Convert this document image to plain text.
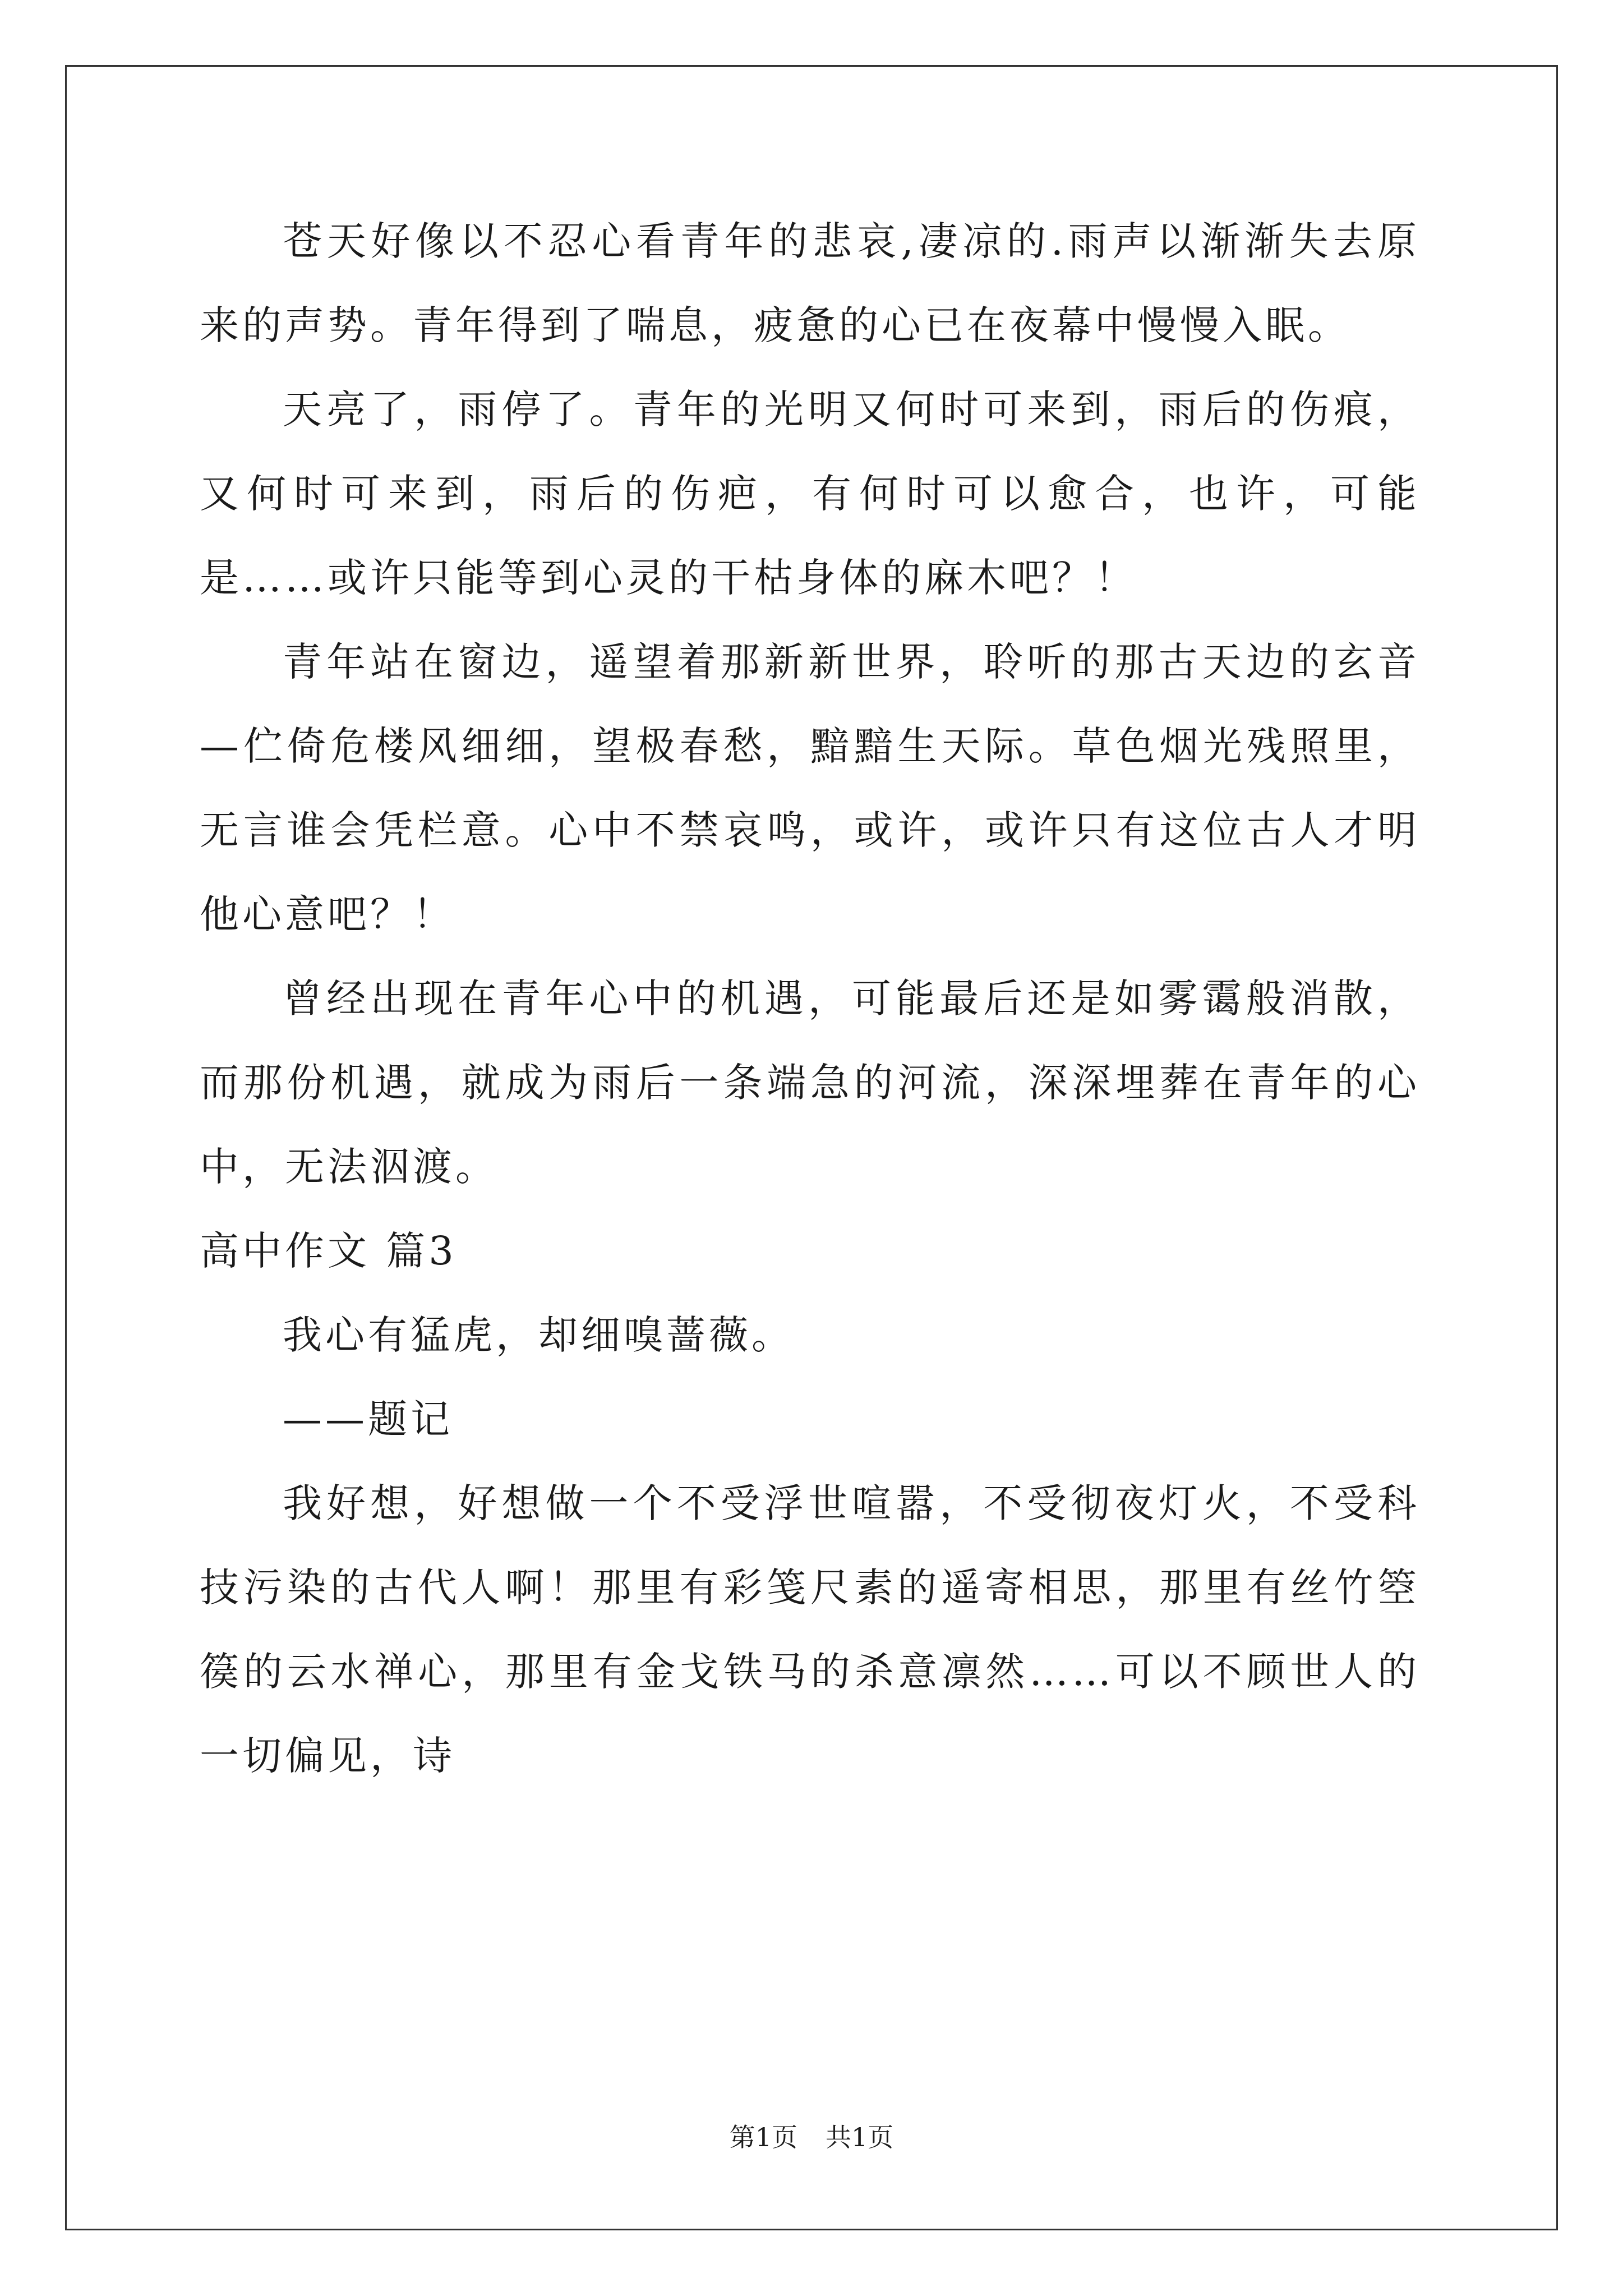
苍天好像以不忍心看青年的悲哀,凄凉的.雨声以渐渐失去原来的声势。青年得到了喘息，疲惫的心已在夜幕中慢慢入眠。

天亮了，雨停了。青年的光明又何时可来到，雨后的伤痕，又何时可来到，雨后的伤疤，有何时可以愈合，也许，可能是……或许只能等到心灵的干枯身体的麻木吧？！

青年站在窗边，遥望着那新新世界，聆听的那古天边的玄音—伫倚危楼风细细，望极春愁，黯黯生天际。草色烟光残照里，无言谁会凭栏意。心中不禁哀鸣，或许，或许只有这位古人才明他心意吧？！

曾经出现在青年心中的机遇，可能最后还是如雾霭般消散，而那份机遇，就成为雨后一条端急的河流，深深埋葬在青年的心中，无法泅渡。

高中作文 篇3

我心有猛虎，却细嗅蔷薇。

——题记

我好想，好想做一个不受浮世喧嚣，不受彻夜灯火，不受科技污染的古代人啊！那里有彩笺尺素的遥寄相思，那里有丝竹箜篌的云水禅心，那里有金戈铁马的杀意凛然……可以不顾世人的一切偏见，诗

第1页 共1页
